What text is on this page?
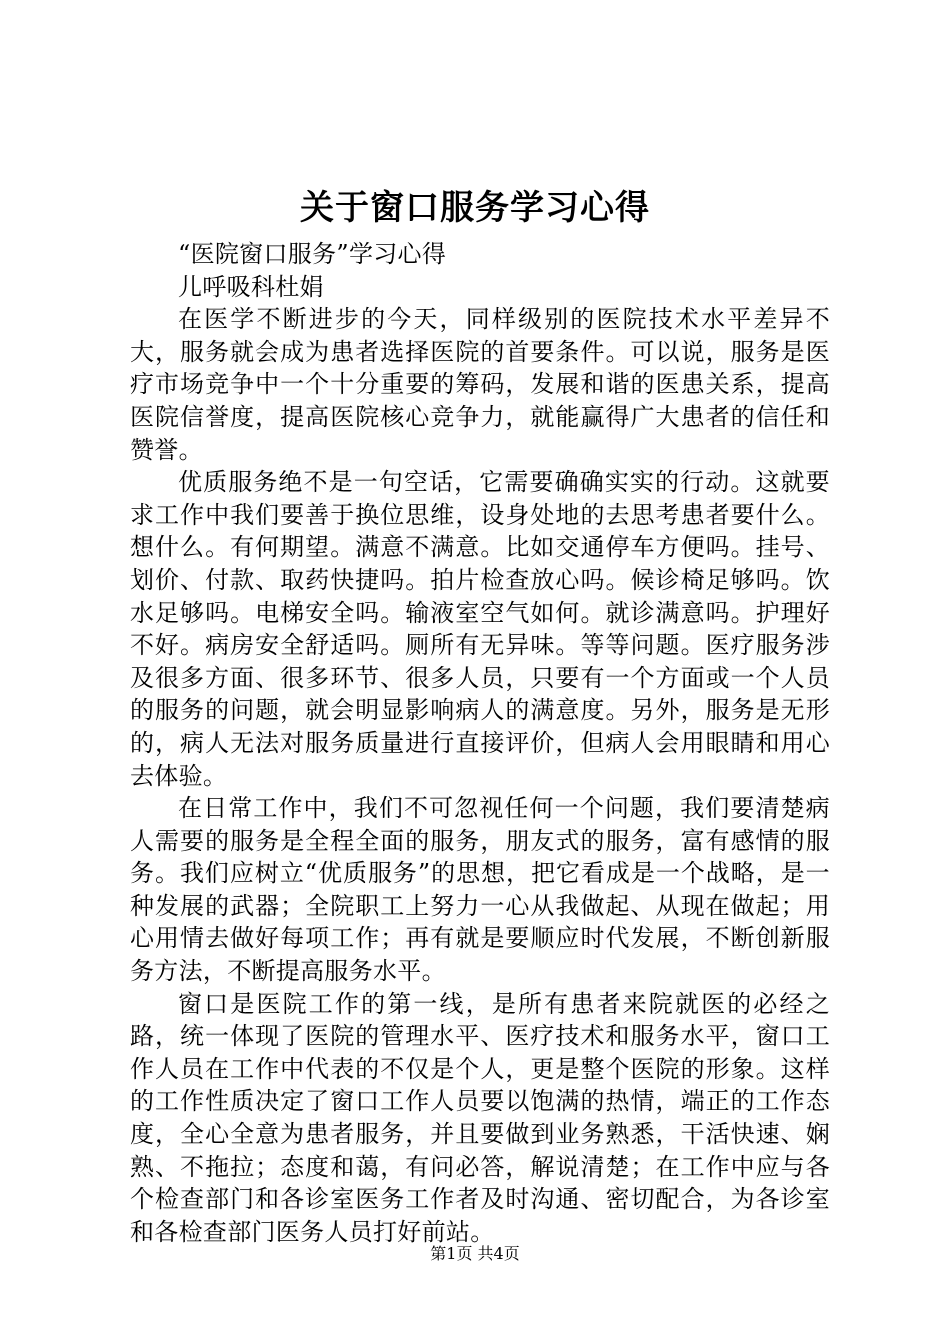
关于窗口服务学习心得

“医院窗口服务”学习心得

儿呼吸科杜娟

在医学不断进步的今天，同样级别的医院技术水平差异不大，服务就会成为患者选择医院的首要条件。可以说，服务是医疗市场竞争中一个十分重要的筹码，发展和谐的医患关系，提高医院信誉度，提高医院核心竞争力，就能赢得广大患者的信任和赞誉。

优质服务绝不是一句空话，它需要确确实实的行动。这就要求工作中我们要善于换位思维，设身处地的去思考患者要什么。想什么。有何期望。满意不满意。比如交通停车方便吗。挂号、划价、付款、取药快捷吗。拍片检查放心吗。候诊椅足够吗。饮水足够吗。电梯安全吗。输液室空气如何。就诊满意吗。护理好不好。病房安全舒适吗。厕所有无异味。等等问题。医疗服务涉及很多方面、很多环节、很多人员，只要有一个方面或一个人员的服务的问题，就会明显影响病人的满意度。另外，服务是无形的，病人无法对服务质量进行直接评价，但病人会用眼睛和用心去体验。

在日常工作中，我们不可忽视任何一个问题，我们要清楚病人需要的服务是全程全面的服务，朋友式的服务，富有感情的服务。我们应树立“优质服务”的思想，把它看成是一个战略，是一种发展的武器；全院职工上努力一心从我做起、从现在做起；用心用情去做好每项工作；再有就是要顺应时代发展，不断创新服务方法，不断提高服务水平。

窗口是医院工作的第一线，是所有患者来院就医的必经之路，统一体现了医院的管理水平、医疗技术和服务水平，窗口工作人员在工作中代表的不仅是个人，更是整个医院的形象。这样的工作性质决定了窗口工作人员要以饱满的热情，端正的工作态度，全心全意为患者服务，并且要做到业务熟悉，干活快速、娴熟、不拖拉；态度和蔼，有问必答，解说清楚；在工作中应与各个检查部门和各诊室医务工作者及时沟通、密切配合，为各诊室和各检查部门医务人员打好前站。

第1页 共4页
